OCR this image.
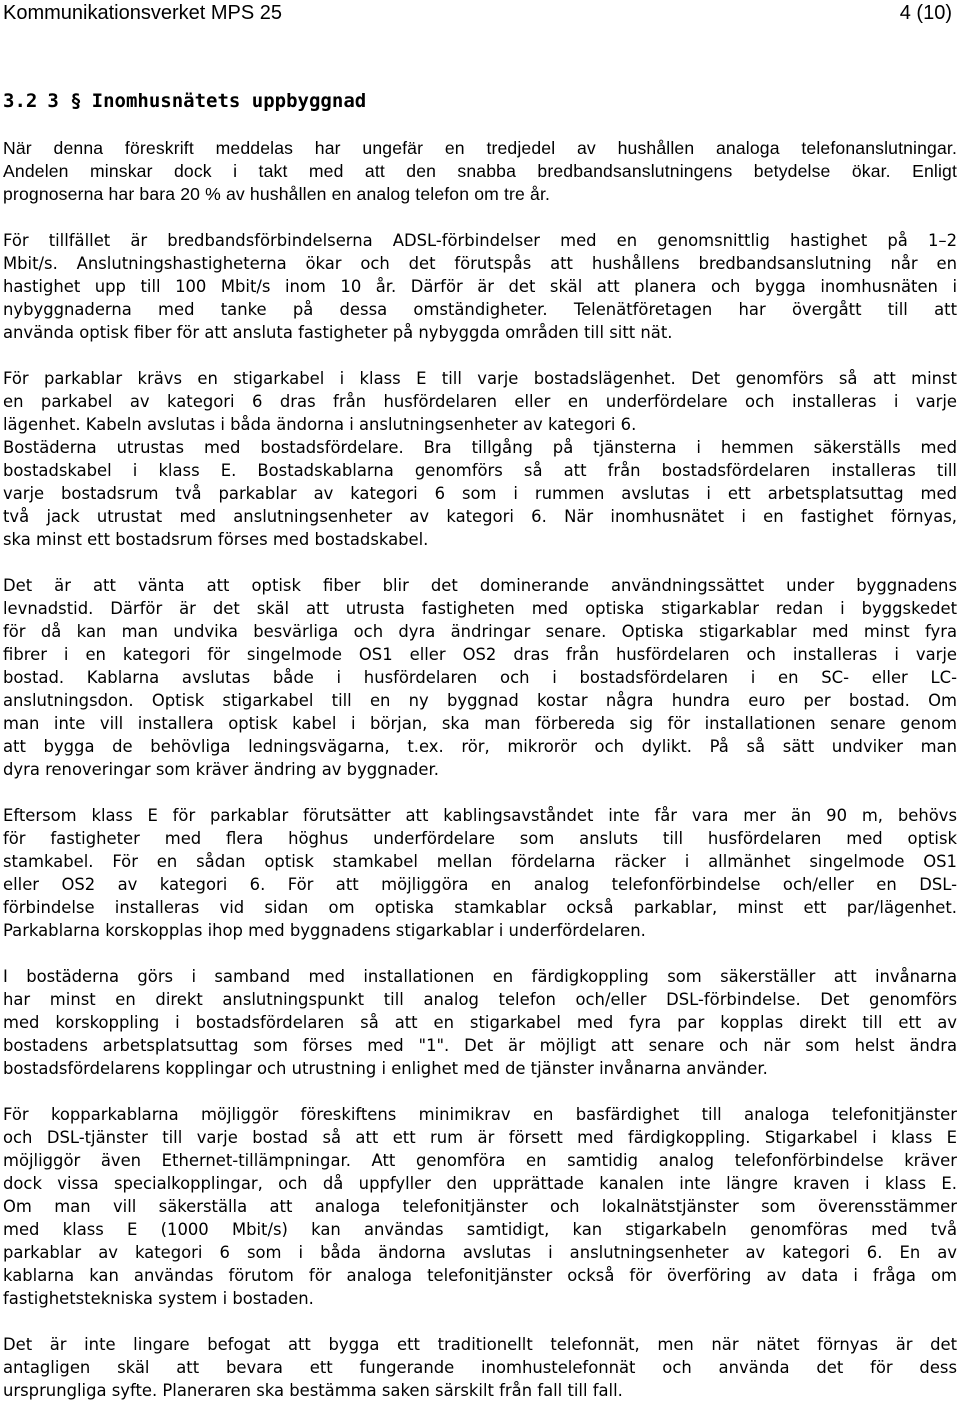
Kommunikationsverket MPS 25	4 (10)
3.2 3 § Inomhusnätets uppbyggnad
När denna föreskrift meddelas har ungefär en tredjedel av hushållen analoga telefonanslutningar.
Andelen minskar dock i takt med att den snabba bredbandsanslutningens betydelse ökar. Enligt
prognoserna har bara 20 % av hushållen en analog telefon om tre år.
För tillfället är bredbandsförbindelserna ADSL-förbindelser med en genomsnittlig hastighet på 1–2
Mbit/s. Anslutningshastigheterna ökar och det förutspås att hushållens bredbandsanslutning når en
hastighet upp till 100 Mbit/s inom 10 år. Därför är det skäl att planera och bygga inomhusnäten i
nybyggnaderna med tanke på dessa omständigheter. Telenätföretagen har övergått till att
använda optisk fiber för att ansluta fastigheter på nybyggda områden till sitt nät.
För parkablar krävs en stigarkabel i klass E till varje bostadslägenhet. Det genomförs så att minst
en parkabel av kategori 6 dras från husfördelaren eller en underfördelare och installeras i varje
lägenhet. Kabeln avslutas i båda ändorna i anslutningsenheter av kategori 6.
Bostäderna utrustas med bostadsfördelare. Bra tillgång på tjänsterna i hemmen säkerställs med
bostadskabel i klass E. Bostadskablarna genomförs så att från bostadsfördelaren installeras till
varje bostadsrum två parkablar av kategori 6 som i rummen avslutas i ett arbetsplatsuttag med
två jack utrustat med anslutningsenheter av kategori 6. När inomhusnätet i en fastighet förnyas,
ska minst ett bostadsrum förses med bostadskabel.
Det är att vänta att optisk fiber blir det dominerande användningssättet under byggnadens
levnadstid. Därför är det skäl att utrusta fastigheten med optiska stigarkablar redan i byggskedet
för då kan man undvika besvärliga och dyra ändringar senare. Optiska stigarkablar med minst fyra
fibrer i en kategori för singelmode OS1 eller OS2 dras från husfördelaren och installeras i varje
bostad. Kablarna avslutas både i husfördelaren och i bostadsfördelaren i en SC- eller LC-
anslutningsdon. Optisk stigarkabel till en ny byggnad kostar några hundra euro per bostad. Om
man inte vill installera optisk kabel i början, ska man förbereda sig för installationen senare genom
att bygga de behövliga ledningsvägarna, t.ex. rör, mikrorör och dylikt. På så sätt undviker man
dyra renoveringar som kräver ändring av byggnader.
Eftersom klass E för parkablar förutsätter att kablingsavståndet inte får vara mer än 90 m, behövs
för fastigheter med flera höghus underfördelare som ansluts till husfördelaren med optisk
stamkabel. För en sådan optisk stamkabel mellan fördelarna räcker i allmänhet singelmode OS1
eller OS2 av kategori 6. För att möjliggöra en analog telefonförbindelse och/eller en DSL-
förbindelse installeras vid sidan om optiska stamkablar också parkablar, minst ett par/lägenhet.
Parkablarna korskopplas ihop med byggnadens stigarkablar i underfördelaren.
I bostäderna görs i samband med installationen en färdigkoppling som säkerställer att invånarna
har minst en direkt anslutningspunkt till analog telefon och/eller DSL-förbindelse. Det genomförs
med korskoppling i bostadsfördelaren så att en stigarkabel med fyra par kopplas direkt till ett av
bostadens arbetsplatsuttag som förses med "1". Det är möjligt att senare och när som helst ändra
bostadsfördelarens kopplingar och utrustning i enlighet med de tjänster invånarna använder.
För kopparkablarna möjliggör föreskiftens minimikrav en basfärdighet till analoga telefonitjänster
och DSL-tjänster till varje bostad så att ett rum är försett med färdigkoppling. Stigarkabel i klass E
möjliggör även Ethernet-tillämpningar. Att genomföra en samtidig analog telefonförbindelse kräver
dock vissa specialkopplingar, och då uppfyller den upprättade kanalen inte längre kraven i klass E.
Om man vill säkerställa att analoga telefonitjänster och lokalnätstjänster som överensstämmer
med klass E (1000 Mbit/s) kan användas samtidigt, kan stigarkabeln genomföras med två
parkablar av kategori 6 som i båda ändorna avslutas i anslutningsenheter av kategori 6. En av
kablarna kan användas förutom för analoga telefonitjänster också för överföring av data i fråga om
fastighetstekniska system i bostaden.
Det är inte lingare befogat att bygga ett traditionellt telefonnät, men när nätet förnyas är det
antagligen skäl att bevara ett fungerande inomhustelefonnät och använda det för dess
ursprungliga syfte. Planeraren ska bestämma saken särskilt från fall till fall.
